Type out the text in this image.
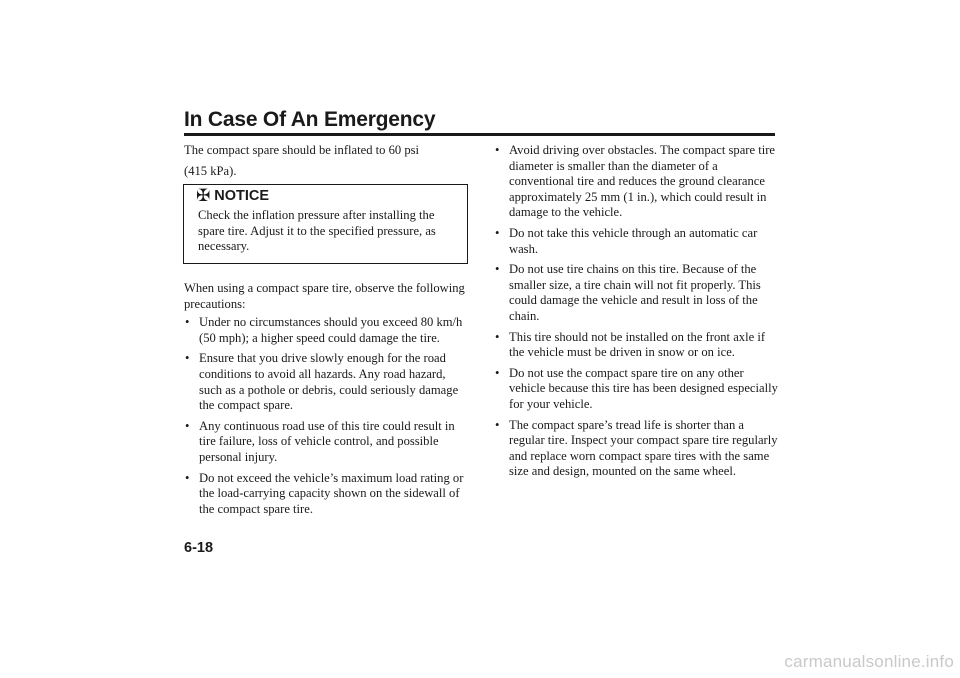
In Case Of An Emergency

The compact spare should be inflated to 60 psi

(415 kPa).

✠ NOTICE
Check the inflation pressure after installing the spare tire. Adjust it to the specified pressure, as necessary.

When using a compact spare tire, observe the following precautions:

• Under no circumstances should you exceed 80 km/h (50 mph); a higher speed could damage the tire.
• Ensure that you drive slowly enough for the road conditions to avoid all hazards. Any road hazard, such as a pothole or debris, could seriously damage the compact spare.
• Any continuous road use of this tire could result in tire failure, loss of vehicle control, and possible personal injury.
• Do not exceed the vehicle’s maximum load rating or the load-carrying capacity shown on the sidewall of the compact spare tire.
• Avoid driving over obstacles. The compact spare tire diameter is smaller than the diameter of a conventional tire and reduces the ground clearance approximately 25 mm (1 in.), which could result in damage to the vehicle.
• Do not take this vehicle through an automatic car wash.
• Do not use tire chains on this tire. Because of the smaller size, a tire chain will not fit properly. This could damage the vehicle and result in loss of the chain.
• This tire should not be installed on the front axle if the vehicle must be driven in snow or on ice.
• Do not use the compact spare tire on any other vehicle because this tire has been designed especially for your vehicle.
• The compact spare’s tread life is shorter than a regular tire. Inspect your compact spare tire regularly and replace worn compact spare tires with the same size and design, mounted on the same wheel.
6-18
carmanualsonline.info
